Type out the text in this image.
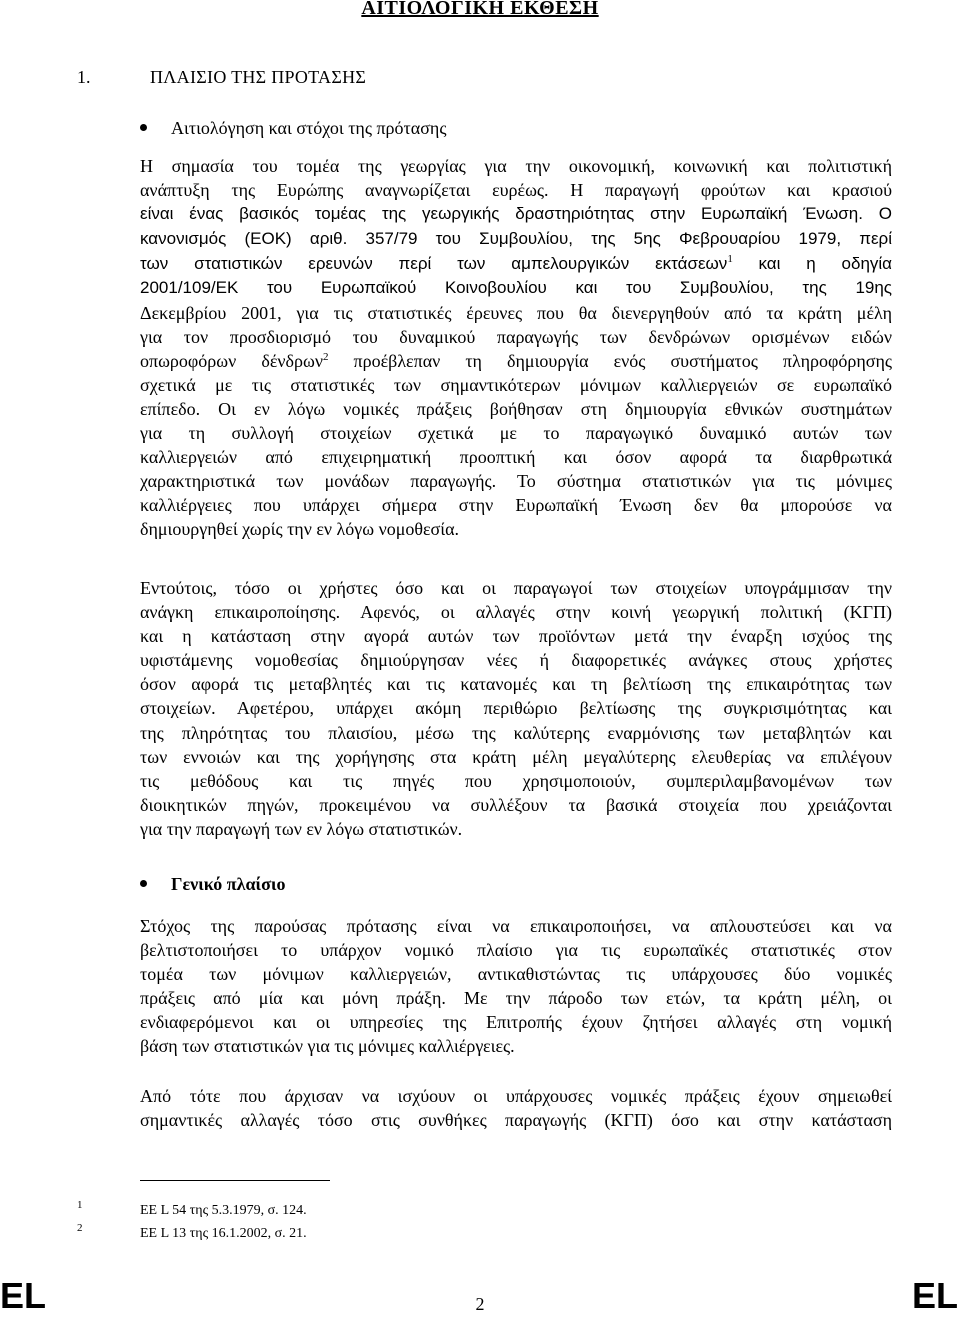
ΑΙΤΙΟΛΟΓΙΚΗ ΕΚΘΕΣΗ
1.	ΠΛΑΙΣΙΟ ΤΗΣ ΠΡΟΤΑΣΗΣ
Αιτιολόγηση και στόχοι της πρότασης
Η σημασία του τομέα της γεωργίας για την οικονομική, κοινωνική και πολιτιστική
ανάπτυξη της Ευρώπης αναγνωρίζεται ευρέως. Η παραγωγή φρούτων και κρασιού
είναι ένας βασικός τομέας της γεωργικής δραστηριότητας στην Ευρωπαϊκή Ένωση. Ο
κανονισμός (ΕΟΚ) αριθ. 357/79 του Συμβουλίου, της 5ης Φεβρουαρίου 1979, περί
των στατιστικών ερευνών περί των αμπελουργικών εκτάσεων$^1$ και η οδηγία
2001/109/ΕΚ του Ευρωπαϊκού Κοινοβουλίου και του Συμβουλίου, της 19ης
Δεκεμβρίου 2001, για τις στατιστικές έρευνες που θα διενεργηθούν από τα κράτη μέλη
για τον προσδιορισμό του δυναμικού παραγωγής των δενδρώνων ορισμένων ειδών
οπωροφόρων δένδρων$^2$ προέβλεπαν τη δημιουργία ενός συστήματος πληροφόρησης
σχετικά με τις στατιστικές των σημαντικότερων μόνιμων καλλιεργειών σε ευρωπαϊκό
επίπεδο. Οι εν λόγω νομικές πράξεις βοήθησαν στη δημιουργία εθνικών συστημάτων
για τη συλλογή στοιχείων σχετικά με το παραγωγικό δυναμικό αυτών των
καλλιεργειών από επιχειρηματική προοπτική και όσον αφορά τα διαρθρωτικά
χαρακτηριστικά των μονάδων παραγωγής. Το σύστημα στατιστικών για τις μόνιμες
καλλιέργειες που υπάρχει σήμερα στην Ευρωπαϊκή Ένωση δεν θα μπορούσε να
δημιουργηθεί χωρίς την εν λόγω νομοθεσία.
Εντούτοις, τόσο οι χρήστες όσο και οι παραγωγοί των στοιχείων υπογράμμισαν την
ανάγκη επικαιροποίησης. Αφενός, οι αλλαγές στην κοινή γεωργική πολιτική (ΚΓΠ)
και η κατάσταση στην αγορά αυτών των προϊόντων μετά την έναρξη ισχύος της
υφιστάμενης νομοθεσίας δημιούργησαν νέες ή διαφορετικές ανάγκες στους χρήστες
όσον αφορά τις μεταβλητές και τις κατανομές και τη βελτίωση της επικαιρότητας των
στοιχείων. Αφετέρου, υπάρχει ακόμη περιθώριο βελτίωσης της συγκρισιμότητας και
της πληρότητας του πλαισίου, μέσω της καλύτερης εναρμόνισης των μεταβλητών και
των εννοιών και της χορήγησης στα κράτη μέλη μεγαλύτερης ελευθερίας να επιλέγουν
τις μεθόδους και τις πηγές που χρησιμοποιούν, συμπεριλαμβανομένων των
διοικητικών πηγών, προκειμένου να συλλέξουν τα βασικά στοιχεία που χρειάζονται
για την παραγωγή των εν λόγω στατιστικών.
Γενικό πλαίσιο
Στόχος της παρούσας πρότασης είναι να επικαιροποιήσει, να απλουστεύσει και να
βελτιστοποιήσει το υπάρχον νομικό πλαίσιο για τις ευρωπαϊκές στατιστικές στον
τομέα των μόνιμων καλλιεργειών, αντικαθιστώντας τις υπάρχουσες δύο νομικές
πράξεις από μία και μόνη πράξη. Με την πάροδο των ετών, τα κράτη μέλη, οι
ενδιαφερόμενοι και οι υπηρεσίες της Επιτροπής έχουν ζητήσει αλλαγές στη νομική
βάση των στατιστικών για τις μόνιμες καλλιέργειες.
Από τότε που άρχισαν να ισχύουν οι υπάρχουσες νομικές πράξεις έχουν σημειωθεί
σημαντικές αλλαγές τόσο στις συνθήκες παραγωγής (ΚΓΠ) όσο και στην κατάσταση
1	ΕΕ L 54 της 5.3.1979, σ. 124.
2	ΕΕ L 13 της 16.1.2002, σ. 21.
EL	2	EL
